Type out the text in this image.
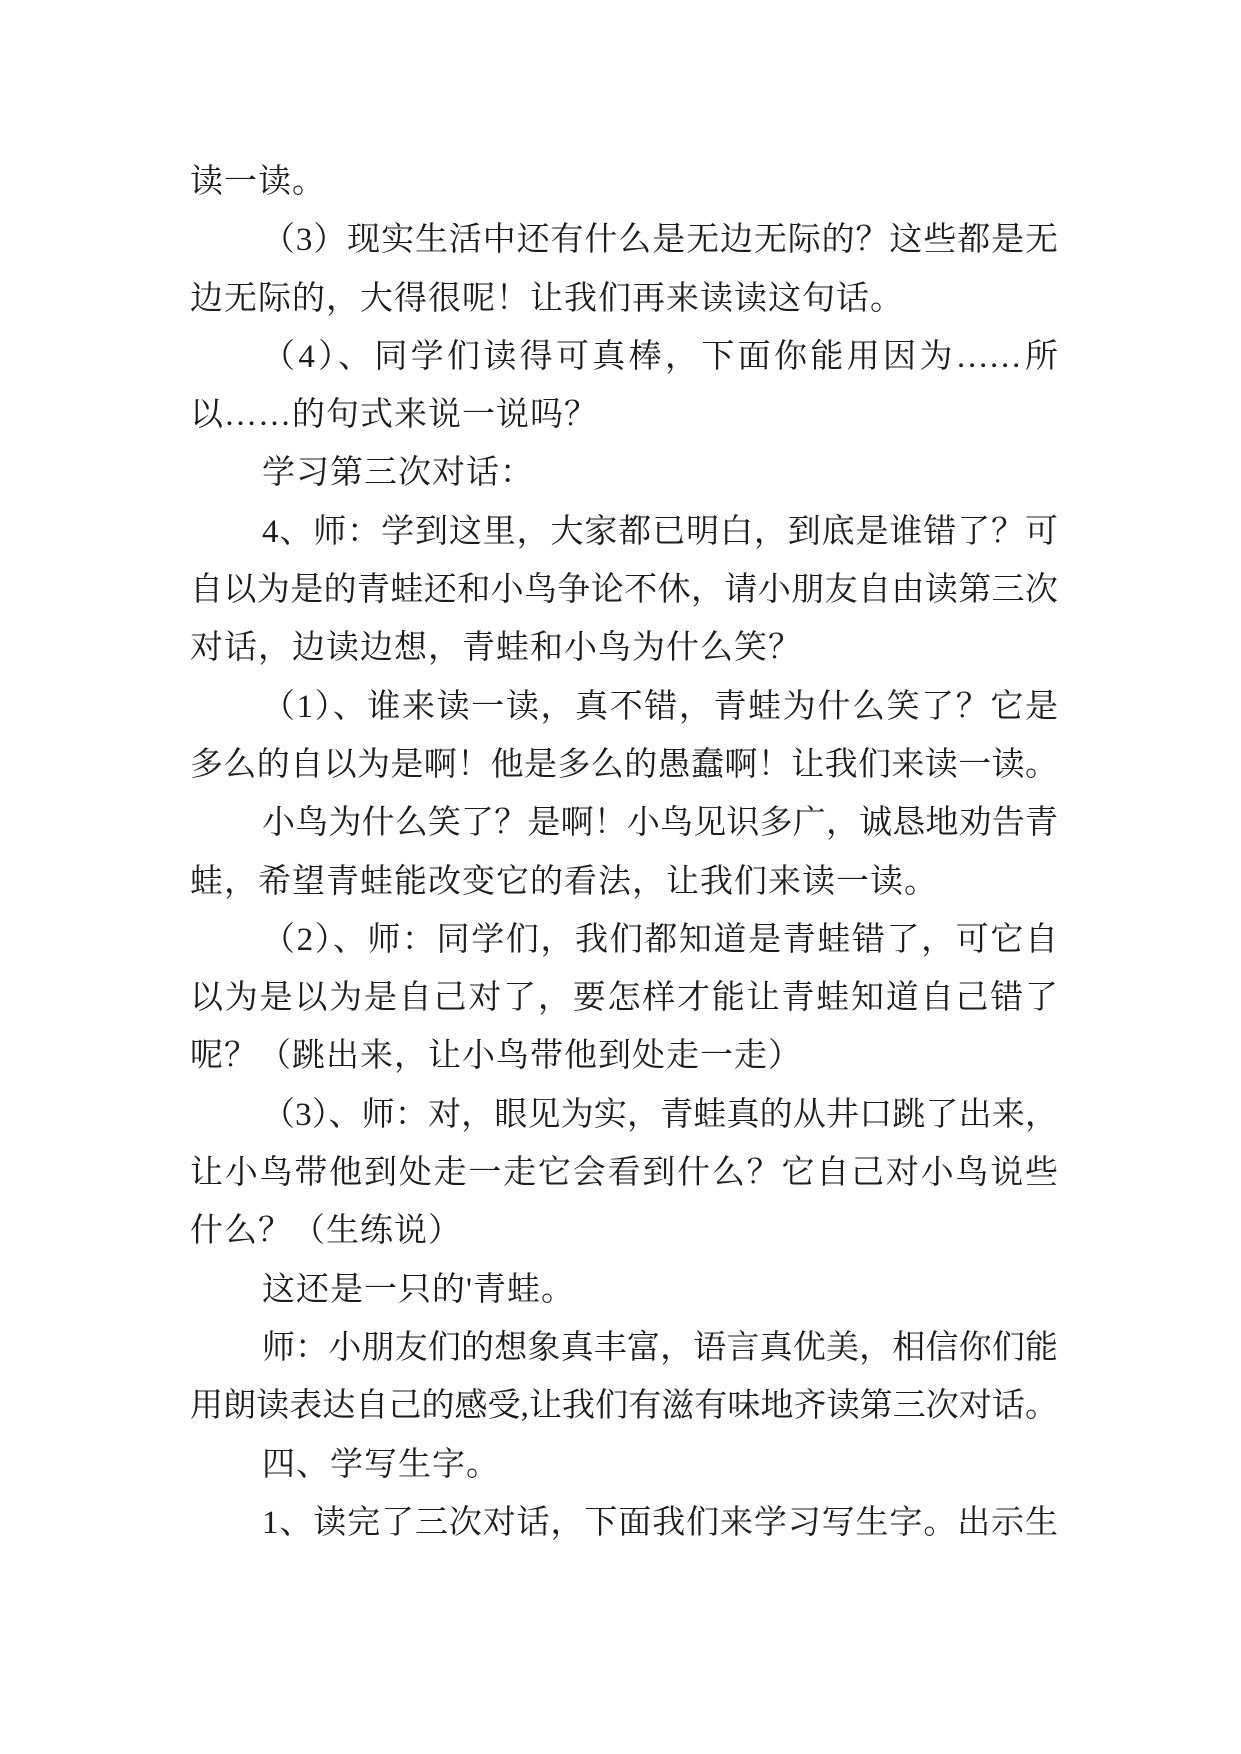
读一读。
（3）现实生活中还有什么是无边无际的？这些都是无
边无际的，大得很呢！让我们再来读读这句话。
（4）、同学们读得可真棒，下面你能用因为……所
以……的句式来说一说吗？
学习第三次对话：
4、师：学到这里，大家都已明白，到底是谁错了？可
自以为是的青蛙还和小鸟争论不休，请小朋友自由读第三次
对话，边读边想，青蛙和小鸟为什么笑？
（1）、谁来读一读，真不错，青蛙为什么笑了？它是
多么的自以为是啊！他是多么的愚蠢啊！让我们来读一读。
小鸟为什么笑了？是啊！小鸟见识多广，诚恳地劝告青
蛙，希望青蛙能改变它的看法，让我们来读一读。
（2）、师：同学们，我们都知道是青蛙错了，可它自
以为是以为是自己对了，要怎样才能让青蛙知道自己错了
呢？（跳出来，让小鸟带他到处走一走）
（3）、师：对，眼见为实，青蛙真的从井口跳了出来，
让小鸟带他到处走一走它会看到什么？它自己对小鸟说些
什么？（生练说）
这还是一只的'青蛙。
师：小朋友们的想象真丰富，语言真优美，相信你们能
用朗读表达自己的感受,让我们有滋有味地齐读第三次对话。
四、学写生字。
1、读完了三次对话，下面我们来学习写生字。出示生
